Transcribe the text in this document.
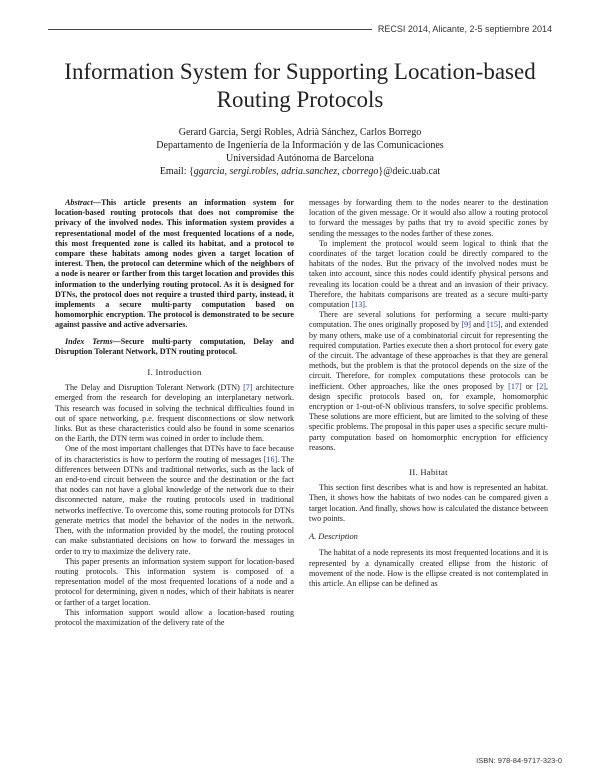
RECSI 2014, Alicante, 2-5 septiembre 2014
Information System for Supporting Location-based
Routing Protocols
Gerard Garcia, Sergi Robles, Adrià Sánchez, Carlos Borrego
Departamento de Ingeniería de la Información y de las Comunicaciones
Universidad Autónoma de Barcelona
Email: {ggarcia, sergi.robles, adria.sanchez, cborrego}@deic.uab.cat

Abstract—This article presents an information system for location-based routing protocols that does not compromise the privacy of the involved nodes. This information system provides a representational model of the most frequented locations of a node, this most frequented zone is called its habitat, and a protocol to compare these habitats among nodes given a target location of interest. Then, the protocol can determine which of the neighbors of a node is nearer or farther from this target location and provides this information to the underlying routing protocol. As it is designed for DTNs, the protocol does not require a trusted third party, instead, it implements a secure multi-party computation based on homomorphic encryption. The protocol is demonstrated to be secure against passive and active adversaries.

Index Terms—Secure multi-party computation, Delay and Disruption Tolerant Network, DTN routing protocol.

I. Introduction

The Delay and Disruption Tolerant Network (DTN) [7] architecture emerged from the research for developing an interplanetary network. This research was focused in solving the technical difficulties found in out of space networking, p.e. frequent disconnections or slow network links. But as these characteristics could also be found in some scenarios on the Earth, the DTN term was coined in order to include them.

One of the most important challenges that DTNs have to face because of its characteristics is how to perform the routing of messages [16]. The differences between DTNs and traditional networks, such as the lack of an end-to-end circuit between the source and the destination or the fact that nodes can not have a global knowledge of the network due to their disconnected nature, make the routing protocols used in traditional networks ineffective. To overcome this, some routing protocols for DTNs generate metrics that model the behavior of the nodes in the network. Then, with the information provided by the model, the routing protocol can make substantiated decisions on how to forward the messages in order to try to maximize the delivery rate.

This paper presents an information system support for location-based routing protocols. This information system is composed of a representation model of the most frequented locations of a node and a protocol for determining, given n nodes, which of their habitats is nearer or farther of a target location.

This information support would allow a location-based routing protocol the maximization of the delivery rate of the

messages by forwarding them to the nodes nearer to the destination location of the given message. Or it would also allow a routing protocol to forward the messages by paths that try to avoid specific zones by sending the messages to the nodes farther of these zones.

To implement the protocol would seem logical to think that the coordinates of the target location could be directly compared to the habitats of the nodes. But the privacy of the involved nodes must be taken into account, since this nodes could identify physical persons and revealing its location could be a threat and an invasion of their privacy. Therefore, the habitats comparisons are treated as a secure multi-party computation [13].

There are several solutions for performing a secure multi-party computation. The ones originally proposed by [9] and [15], and extended by many others, make use of a combinatorial circuit for representing the required computation. Parties execute then a short protocol for every gate of the circuit. The advantage of these approaches is that they are general methods, but the problem is that the protocol depends on the size of the circuit. Therefore, for complex computations these protocols can be inefficient. Other approaches, like the ones proposed by [17] or [2], design specific protocols based on, for example, homomorphic encryption or 1-out-of-N oblivious transfers, to solve specific problems. These solutions are more efficient, but are limited to the solving of these specific problems. The proposal in this paper uses a specific secure multi-party computation based on homomorphic encryption for efficiency reasons.

II. Habitat

This section first describes what is and how is represented an habitat. Then, it shows how the habitats of two nodes can be compared given a target location. And finally, shows how is calculated the distance between two points.

A. Description

The habitat of a node represents its most frequented locations and it is represented by a dynamically created ellipse from the historic of movement of the node. How is the ellipse created is not contemplated in this article. An ellipse can be defined as

ISBN: 978-84-9717-323-0
